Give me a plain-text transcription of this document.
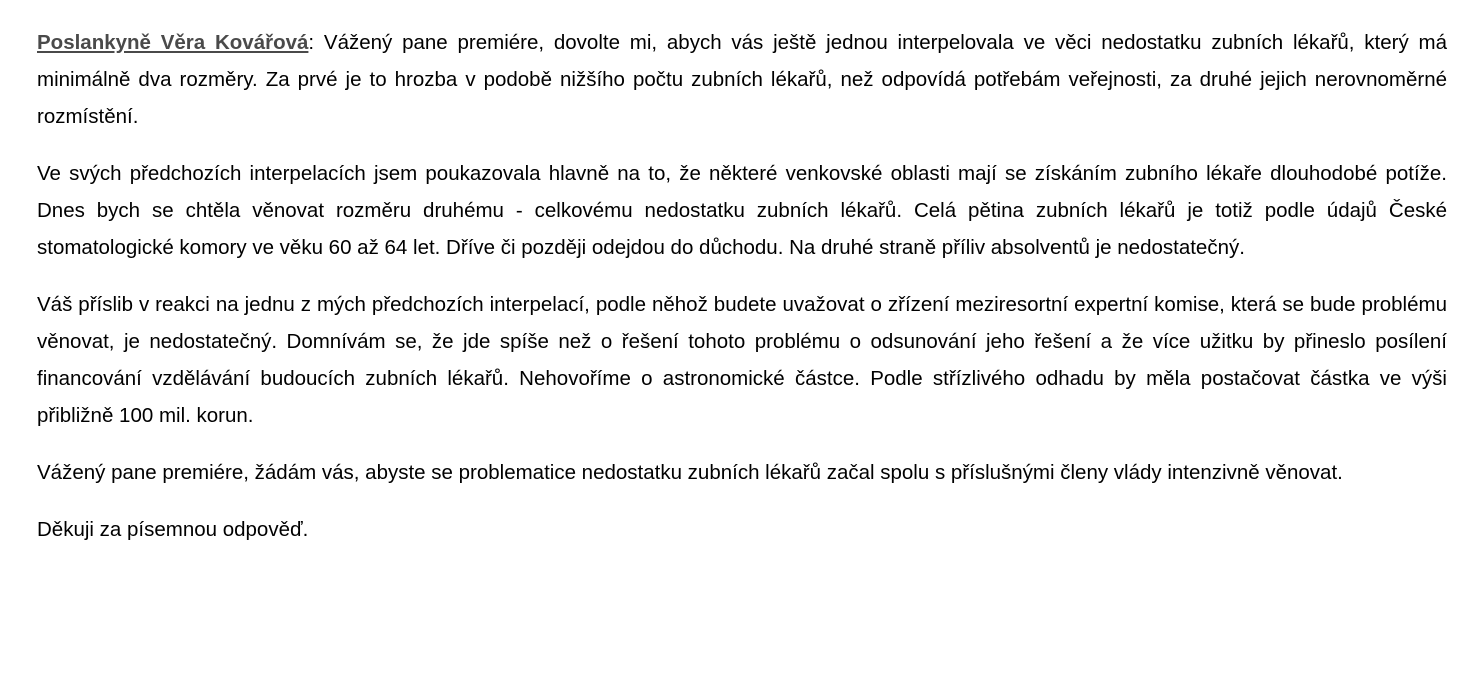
Poslankyně Věra Kovářová: Vážený pane premiére, dovolte mi, abych vás ještě jednou interpelovala ve věci nedostatku zubních lékařů, který má minimálně dva rozměry. Za prvé je to hrozba v podobě nižšího počtu zubních lékařů, než odpovídá potřebám veřejnosti, za druhé jejich nerovnoměrné rozmístění.

Ve svých předchozích interpelacích jsem poukazovala hlavně na to, že některé venkovské oblasti mají se získáním zubního lékaře dlouhodobé potíže. Dnes bych se chtěla věnovat rozměru druhému - celkovému nedostatku zubních lékařů. Celá pětina zubních lékařů je totiž podle údajů České stomatologické komory ve věku 60 až 64 let. Dříve či později odejdou do důchodu. Na druhé straně příliv absolventů je nedostatečný.

Váš příslib v reakci na jednu z mých předchozích interpelací, podle něhož budete uvažovat o zřízení meziresortní expertní komise, která se bude problému věnovat, je nedostatečný. Domnívám se, že jde spíše než o řešení tohoto problému o odsunování jeho řešení a že více užitku by přineslo posílení financování vzdělávání budoucích zubních lékařů. Nehovoříme o astronomické částce. Podle střízlivého odhadu by měla postačovat částka ve výši přibližně 100 mil. korun.

Vážený pane premiére, žádám vás, abyste se problematice nedostatku zubních lékařů začal spolu s příslušnými členy vlády intenzivně věnovat.

Děkuji za písemnou odpověď.
